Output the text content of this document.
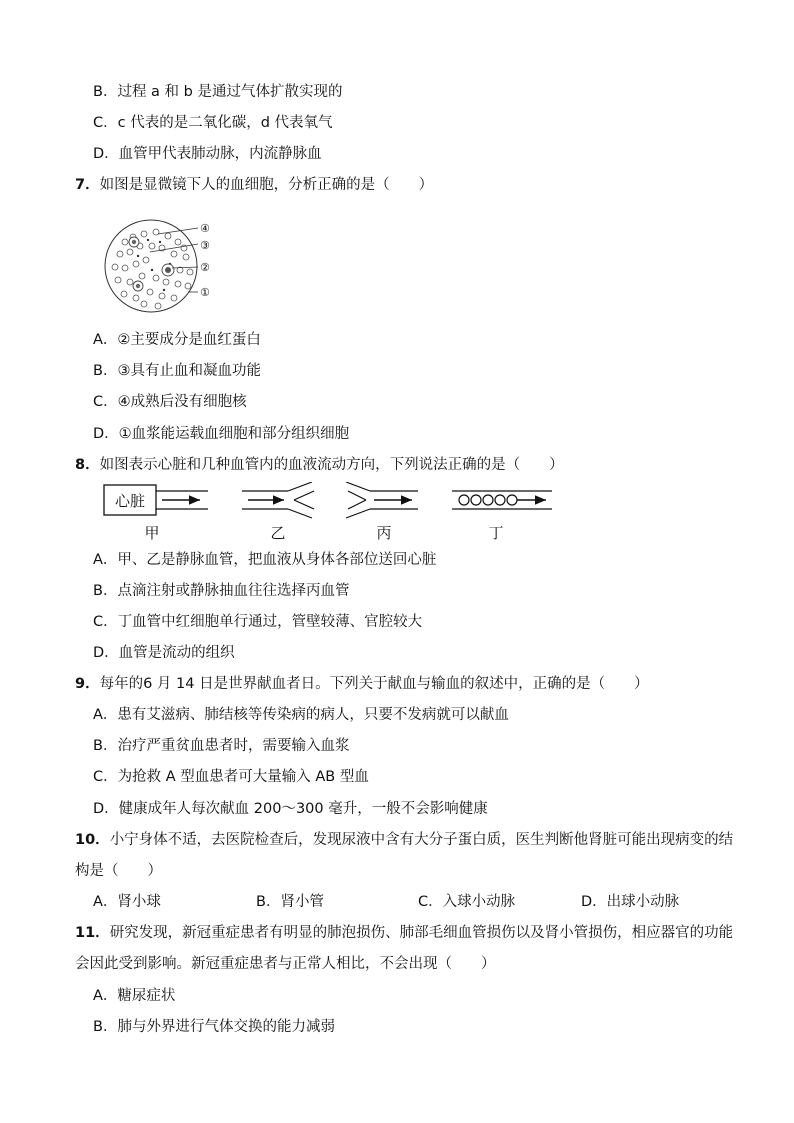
B．过程 a 和 b 是通过气体扩散实现的
C．c 代表的是二氧化碳，d 代表氧气
D．血管甲代表肺动脉，内流静脉血
7．如图是显微镜下人的血细胞，分析正确的是（　　）
④
③
②
①
A．②主要成分是血红蛋白
B．③具有止血和凝血功能
C．④成熟后没有细胞核
D．①血浆能运载血细胞和部分组织细胞
8．如图表示心脏和几种血管内的血液流动方向，下列说法正确的是（　　）
心脏
甲	乙	丙	丁
A．甲、乙是静脉血管，把血液从身体各部位送回心脏
B．点滴注射或静脉抽血往往选择丙血管
C．丁血管中红细胞单行通过，管壁较薄、官腔较大
D．血管是流动的组织
9．每年的6 月 14 日是世界献血者日。下列关于献血与输血的叙述中，正确的是（　　）
A．患有艾滋病、肺结核等传染病的病人，只要不发病就可以献血
B．治疗严重贫血患者时，需要输入血浆
C．为抢救 A 型血患者可大量输入 AB 型血
D．健康成年人每次献血 200～300 毫升，一般不会影响健康
10．小宁身体不适，去医院检查后，发现尿液中含有大分子蛋白质，医生判断他肾脏可能出现病变的结
构是（　　）
A．肾小球	B．肾小管	C．入球小动脉	D．出球小动脉
11．研究发现，新冠重症患者有明显的肺泡损伤、肺部毛细血管损伤以及肾小管损伤，相应器官的功能
会因此受到影响。新冠重症患者与正常人相比，不会出现（　　）
A．糖尿症状
B．肺与外界进行气体交换的能力减弱
